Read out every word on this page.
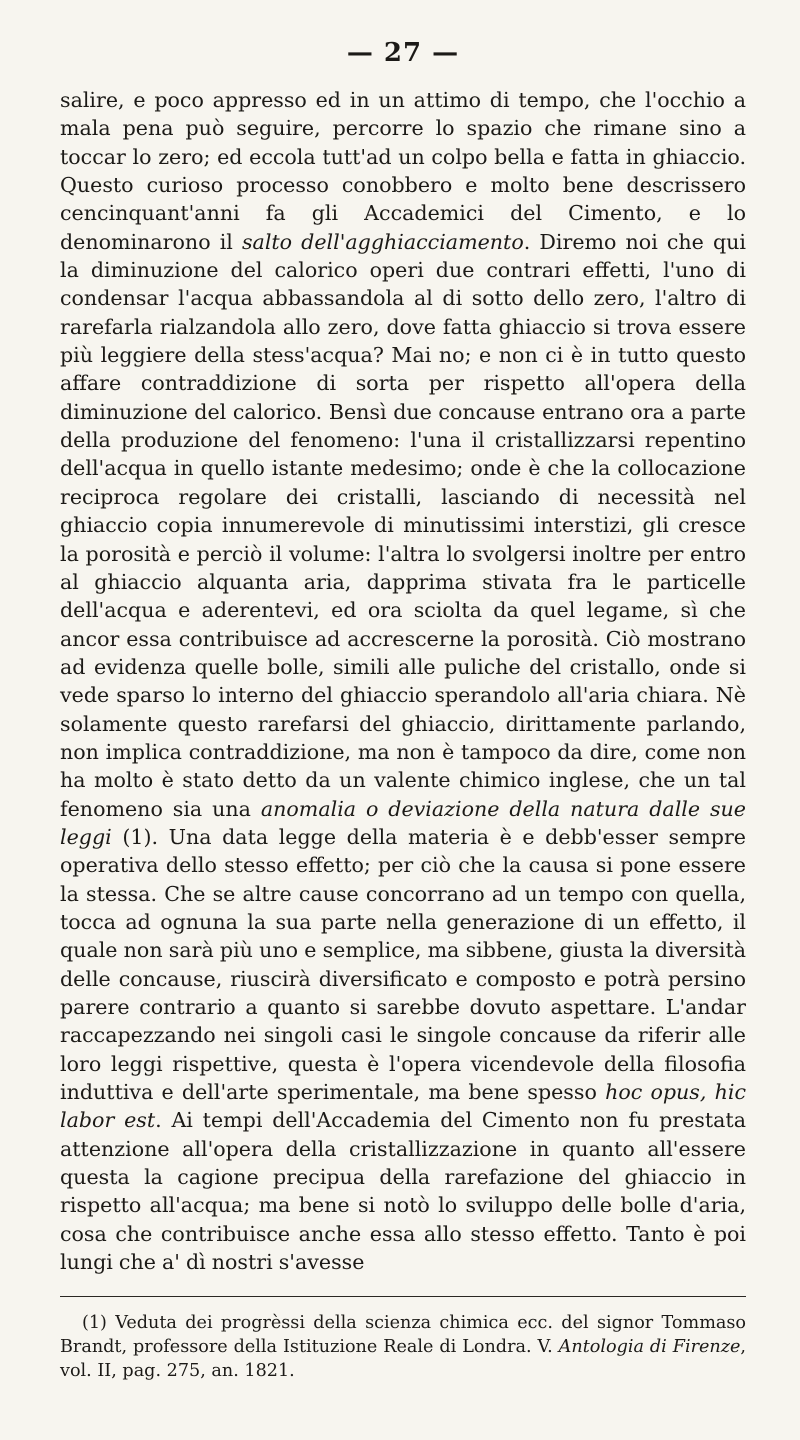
— 27 —

salire, e poco appresso ed in un attimo di tempo, che l'occhio a mala pena può seguire, percorre lo spazio che rimane sino a toccar lo zero; ed eccola tutt'ad un colpo bella e fatta in ghiaccio. Questo curioso processo conobbero e molto bene descrissero cencinquant'anni fa gli Accademici del Cimento, e lo denominarono il salto dell'agghiacciamento. Diremo noi che qui la diminuzione del calorico operi due contrari effetti, l'uno di condensar l'acqua abbassandola al di sotto dello zero, l'altro di rarefarla rialzandola allo zero, dove fatta ghiaccio si trova essere più leggiere della stess'acqua? Mai no; e non ci è in tutto questo affare contraddizione di sorta per rispetto all'opera della diminuzione del calorico. Bensì due concause entrano ora a parte della produzione del fenomeno: l'una il cristallizzarsi repentino dell'acqua in quello istante medesimo; onde è che la collocazione reciproca regolare dei cristalli, lasciando di necessità nel ghiaccio copia innumerevole di minutissimi interstizi, gli cresce la porosità e perciò il volume: l'altra lo svolgersi inoltre per entro al ghiaccio alquanta aria, dapprima stivata fra le particelle dell'acqua e aderentevi, ed ora sciolta da quel legame, sì che ancor essa contribuisce ad accrescerne la porosità. Ciò mostrano ad evidenza quelle bolle, simili alle puliche del cristallo, onde si vede sparso lo interno del ghiaccio sperandolo all'aria chiara. Nè solamente questo rarefarsi del ghiaccio, dirittamente parlando, non implica contraddizione, ma non è tampoco da dire, come non ha molto è stato detto da un valente chimico inglese, che un tal fenomeno sia una anomalia o deviazione della natura dalle sue leggi (1). Una data legge della materia è e debb'esser sempre operativa dello stesso effetto; per ciò che la causa si pone essere la stessa. Che se altre cause concorrano ad un tempo con quella, tocca ad ognuna la sua parte nella generazione di un effetto, il quale non sarà più uno e semplice, ma sibbene, giusta la diversità delle concause, riuscirà diversificato e composto e potrà persino parere contrario a quanto si sarebbe dovuto aspettare. L'andar raccapezzando nei singoli casi le singole concause da riferir alle loro leggi rispettive, questa è l'opera vicendevole della filosofia induttiva e dell'arte sperimentale, ma bene spesso hoc opus, hic labor est. Ai tempi dell'Accademia del Cimento non fu prestata attenzione all'opera della cristallizzazione in quanto all'essere questa la cagione precipua della rarefazione del ghiaccio in rispetto all'acqua; ma bene si notò lo sviluppo delle bolle d'aria, cosa che contribuisce anche essa allo stesso effetto. Tanto è poi lungi che a' dì nostri s'avesse

(1) Veduta dei progrèssi della scienza chimica ecc. del signor Tommaso Brandt, professore della Istituzione Reale di Londra. V. Antologia di Firenze, vol. II, pag. 275, an. 1821.
